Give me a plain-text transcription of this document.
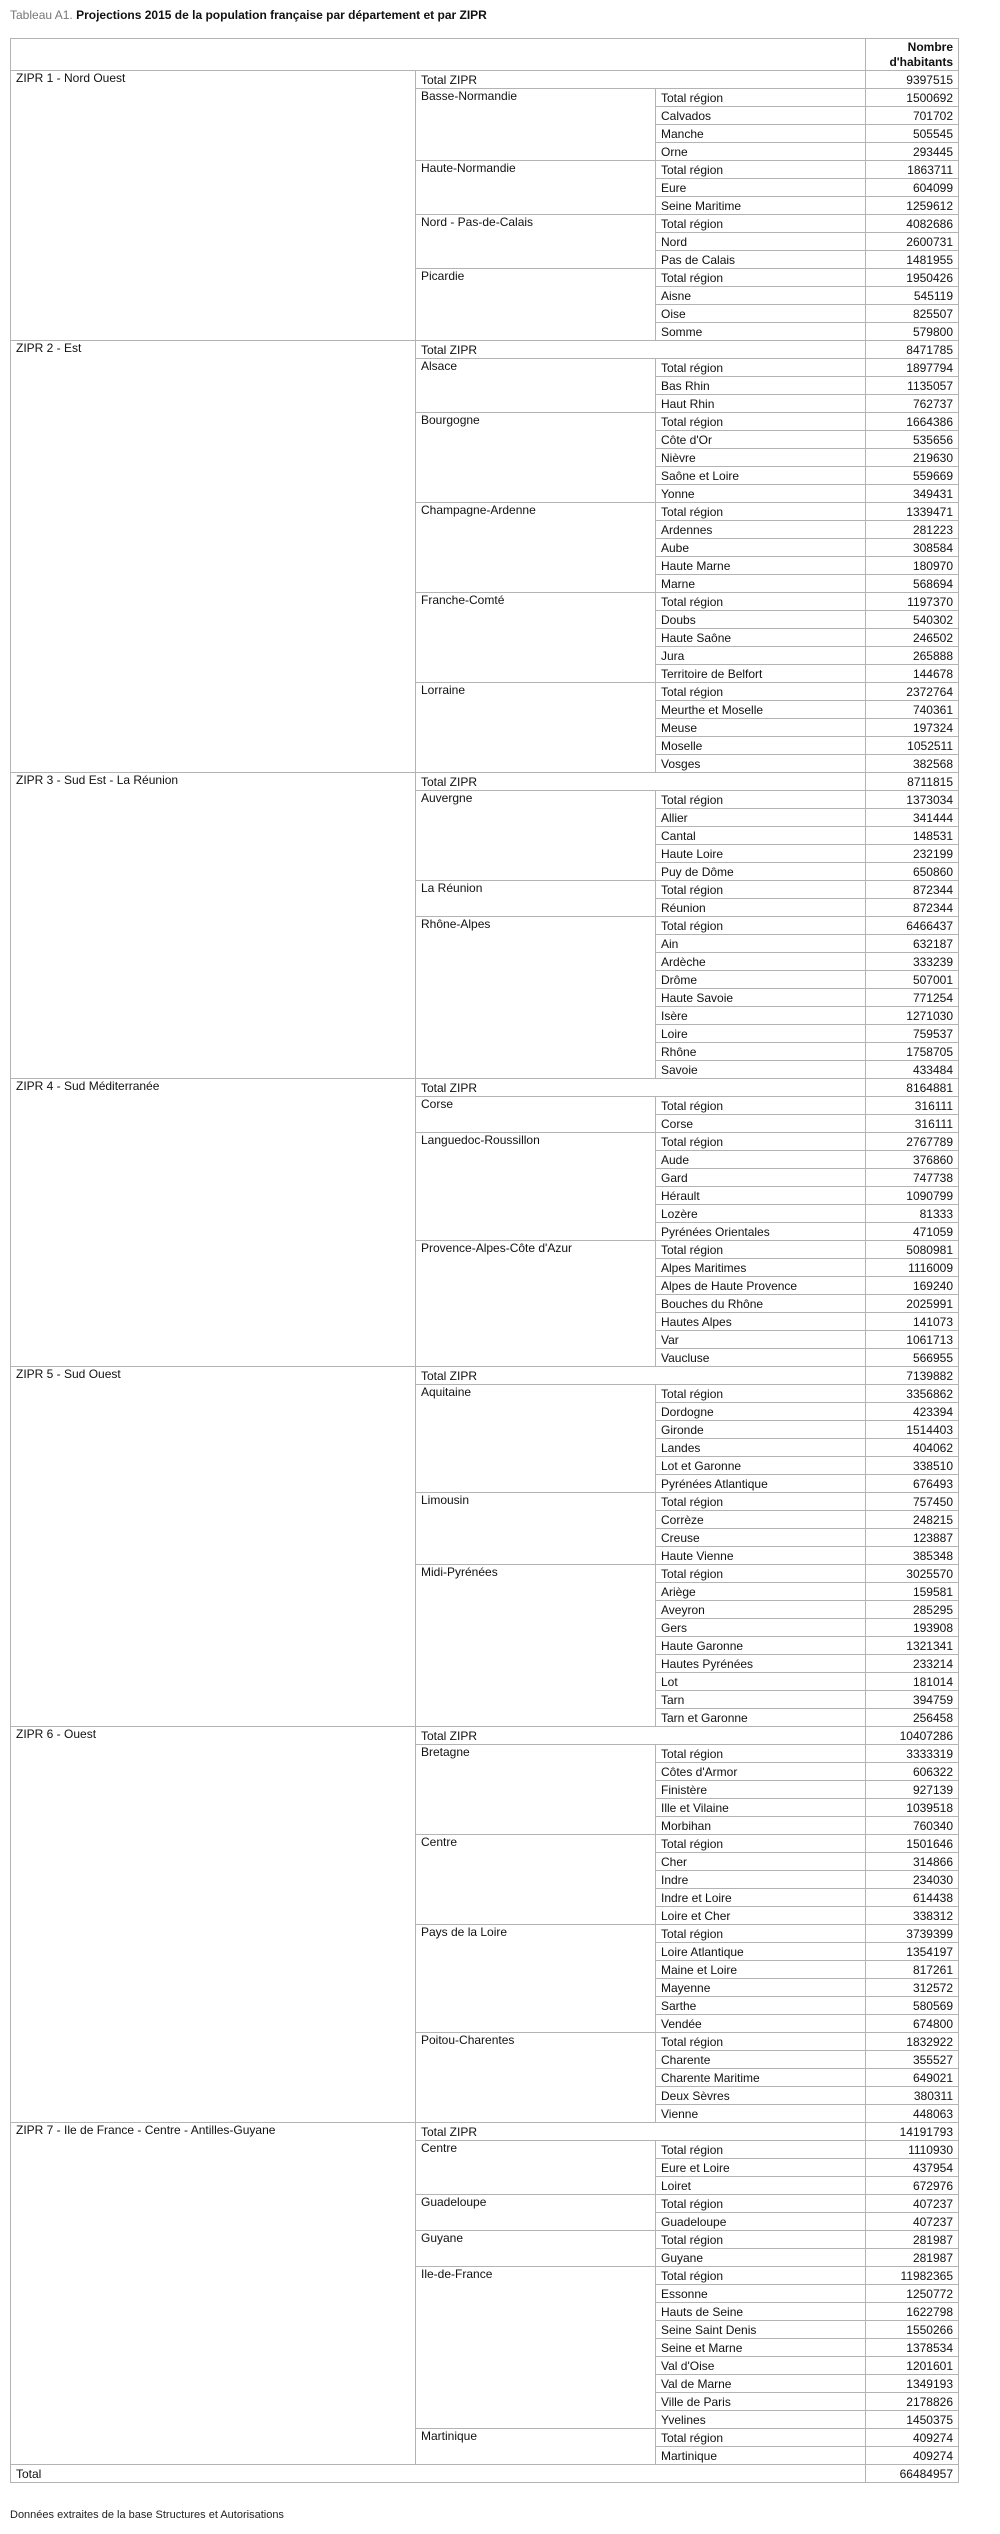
Tableau A1. Projections 2015 de la population française par département et par ZIPR

			Nombre
d'habitants
ZIPR 1 - Nord Ouest	Total ZIPR		9397515
	Basse-Normandie	Total région	1500692
		Calvados	701702
		Manche	505545
		Orne	293445
	Haute-Normandie	Total région	1863711
		Eure	604099
		Seine Maritime	1259612
	Nord - Pas-de-Calais	Total région	4082686
		Nord	2600731
		Pas de Calais	1481955
	Picardie	Total région	1950426
		Aisne	545119
		Oise	825507
		Somme	579800
ZIPR 2 - Est	Total ZIPR		8471785
	Alsace	Total région	1897794
		Bas Rhin	1135057
		Haut Rhin	762737
	Bourgogne	Total région	1664386
		Côte d'Or	535656
		Nièvre	219630
		Saône et Loire	559669
		Yonne	349431
	Champagne-Ardenne	Total région	1339471
		Ardennes	281223
		Aube	308584
		Haute Marne	180970
		Marne	568694
	Franche-Comté	Total région	1197370
		Doubs	540302
		Haute Saône	246502
		Jura	265888
		Territoire de Belfort	144678
	Lorraine	Total région	2372764
		Meurthe et Moselle	740361
		Meuse	197324
		Moselle	1052511
		Vosges	382568
ZIPR 3 - Sud Est - La Réunion	Total ZIPR		8711815
	Auvergne	Total région	1373034
		Allier	341444
		Cantal	148531
		Haute Loire	232199
		Puy de Dôme	650860
	La Réunion	Total région	872344
		Réunion	872344
	Rhône-Alpes	Total région	6466437
		Ain	632187
		Ardèche	333239
		Drôme	507001
		Haute Savoie	771254
		Isère	1271030
		Loire	759537
		Rhône	1758705
		Savoie	433484
ZIPR 4 - Sud Méditerranée	Total ZIPR		8164881
	Corse	Total région	316111
		Corse	316111
	Languedoc-Roussillon	Total région	2767789
		Aude	376860
		Gard	747738
		Hérault	1090799
		Lozère	81333
		Pyrénées Orientales	471059
	Provence-Alpes-Côte d'Azur	Total région	5080981
		Alpes Maritimes	1116009
		Alpes de Haute Provence	169240
		Bouches du Rhône	2025991
		Hautes Alpes	141073
		Var	1061713
		Vaucluse	566955
ZIPR 5 - Sud Ouest	Total ZIPR		7139882
	Aquitaine	Total région	3356862
		Dordogne	423394
		Gironde	1514403
		Landes	404062
		Lot et Garonne	338510
		Pyrénées Atlantique	676493
	Limousin	Total région	757450
		Corrèze	248215
		Creuse	123887
		Haute Vienne	385348
	Midi-Pyrénées	Total région	3025570
		Ariège	159581
		Aveyron	285295
		Gers	193908
		Haute Garonne	1321341
		Hautes Pyrénées	233214
		Lot	181014
		Tarn	394759
		Tarn et Garonne	256458
ZIPR 6 - Ouest	Total ZIPR		10407286
	Bretagne	Total région	3333319
		Côtes d'Armor	606322
		Finistère	927139
		Ille et Vilaine	1039518
		Morbihan	760340
	Centre	Total région	1501646
		Cher	314866
		Indre	234030
		Indre et Loire	614438
		Loire et Cher	338312
	Pays de la Loire	Total région	3739399
		Loire Atlantique	1354197
		Maine et Loire	817261
		Mayenne	312572
		Sarthe	580569
		Vendée	674800
	Poitou-Charentes	Total région	1832922
		Charente	355527
		Charente Maritime	649021
		Deux Sèvres	380311
		Vienne	448063
ZIPR 7 - Ile de France - Centre - Antilles-Guyane	Total ZIPR		14191793
	Centre	Total région	1110930
		Eure et Loire	437954
		Loiret	672976
	Guadeloupe	Total région	407237
		Guadeloupe	407237
	Guyane	Total région	281987
		Guyane	281987
	Ile-de-France	Total région	11982365
		Essonne	1250772
		Hauts de Seine	1622798
		Seine Saint Denis	1550266
		Seine et Marne	1378534
		Val d'Oise	1201601
		Val de Marne	1349193
		Ville de Paris	2178826
		Yvelines	1450375
	Martinique	Total région	409274
		Martinique	409274
Total			66484957

Données extraites de la base Structures et Autorisations
